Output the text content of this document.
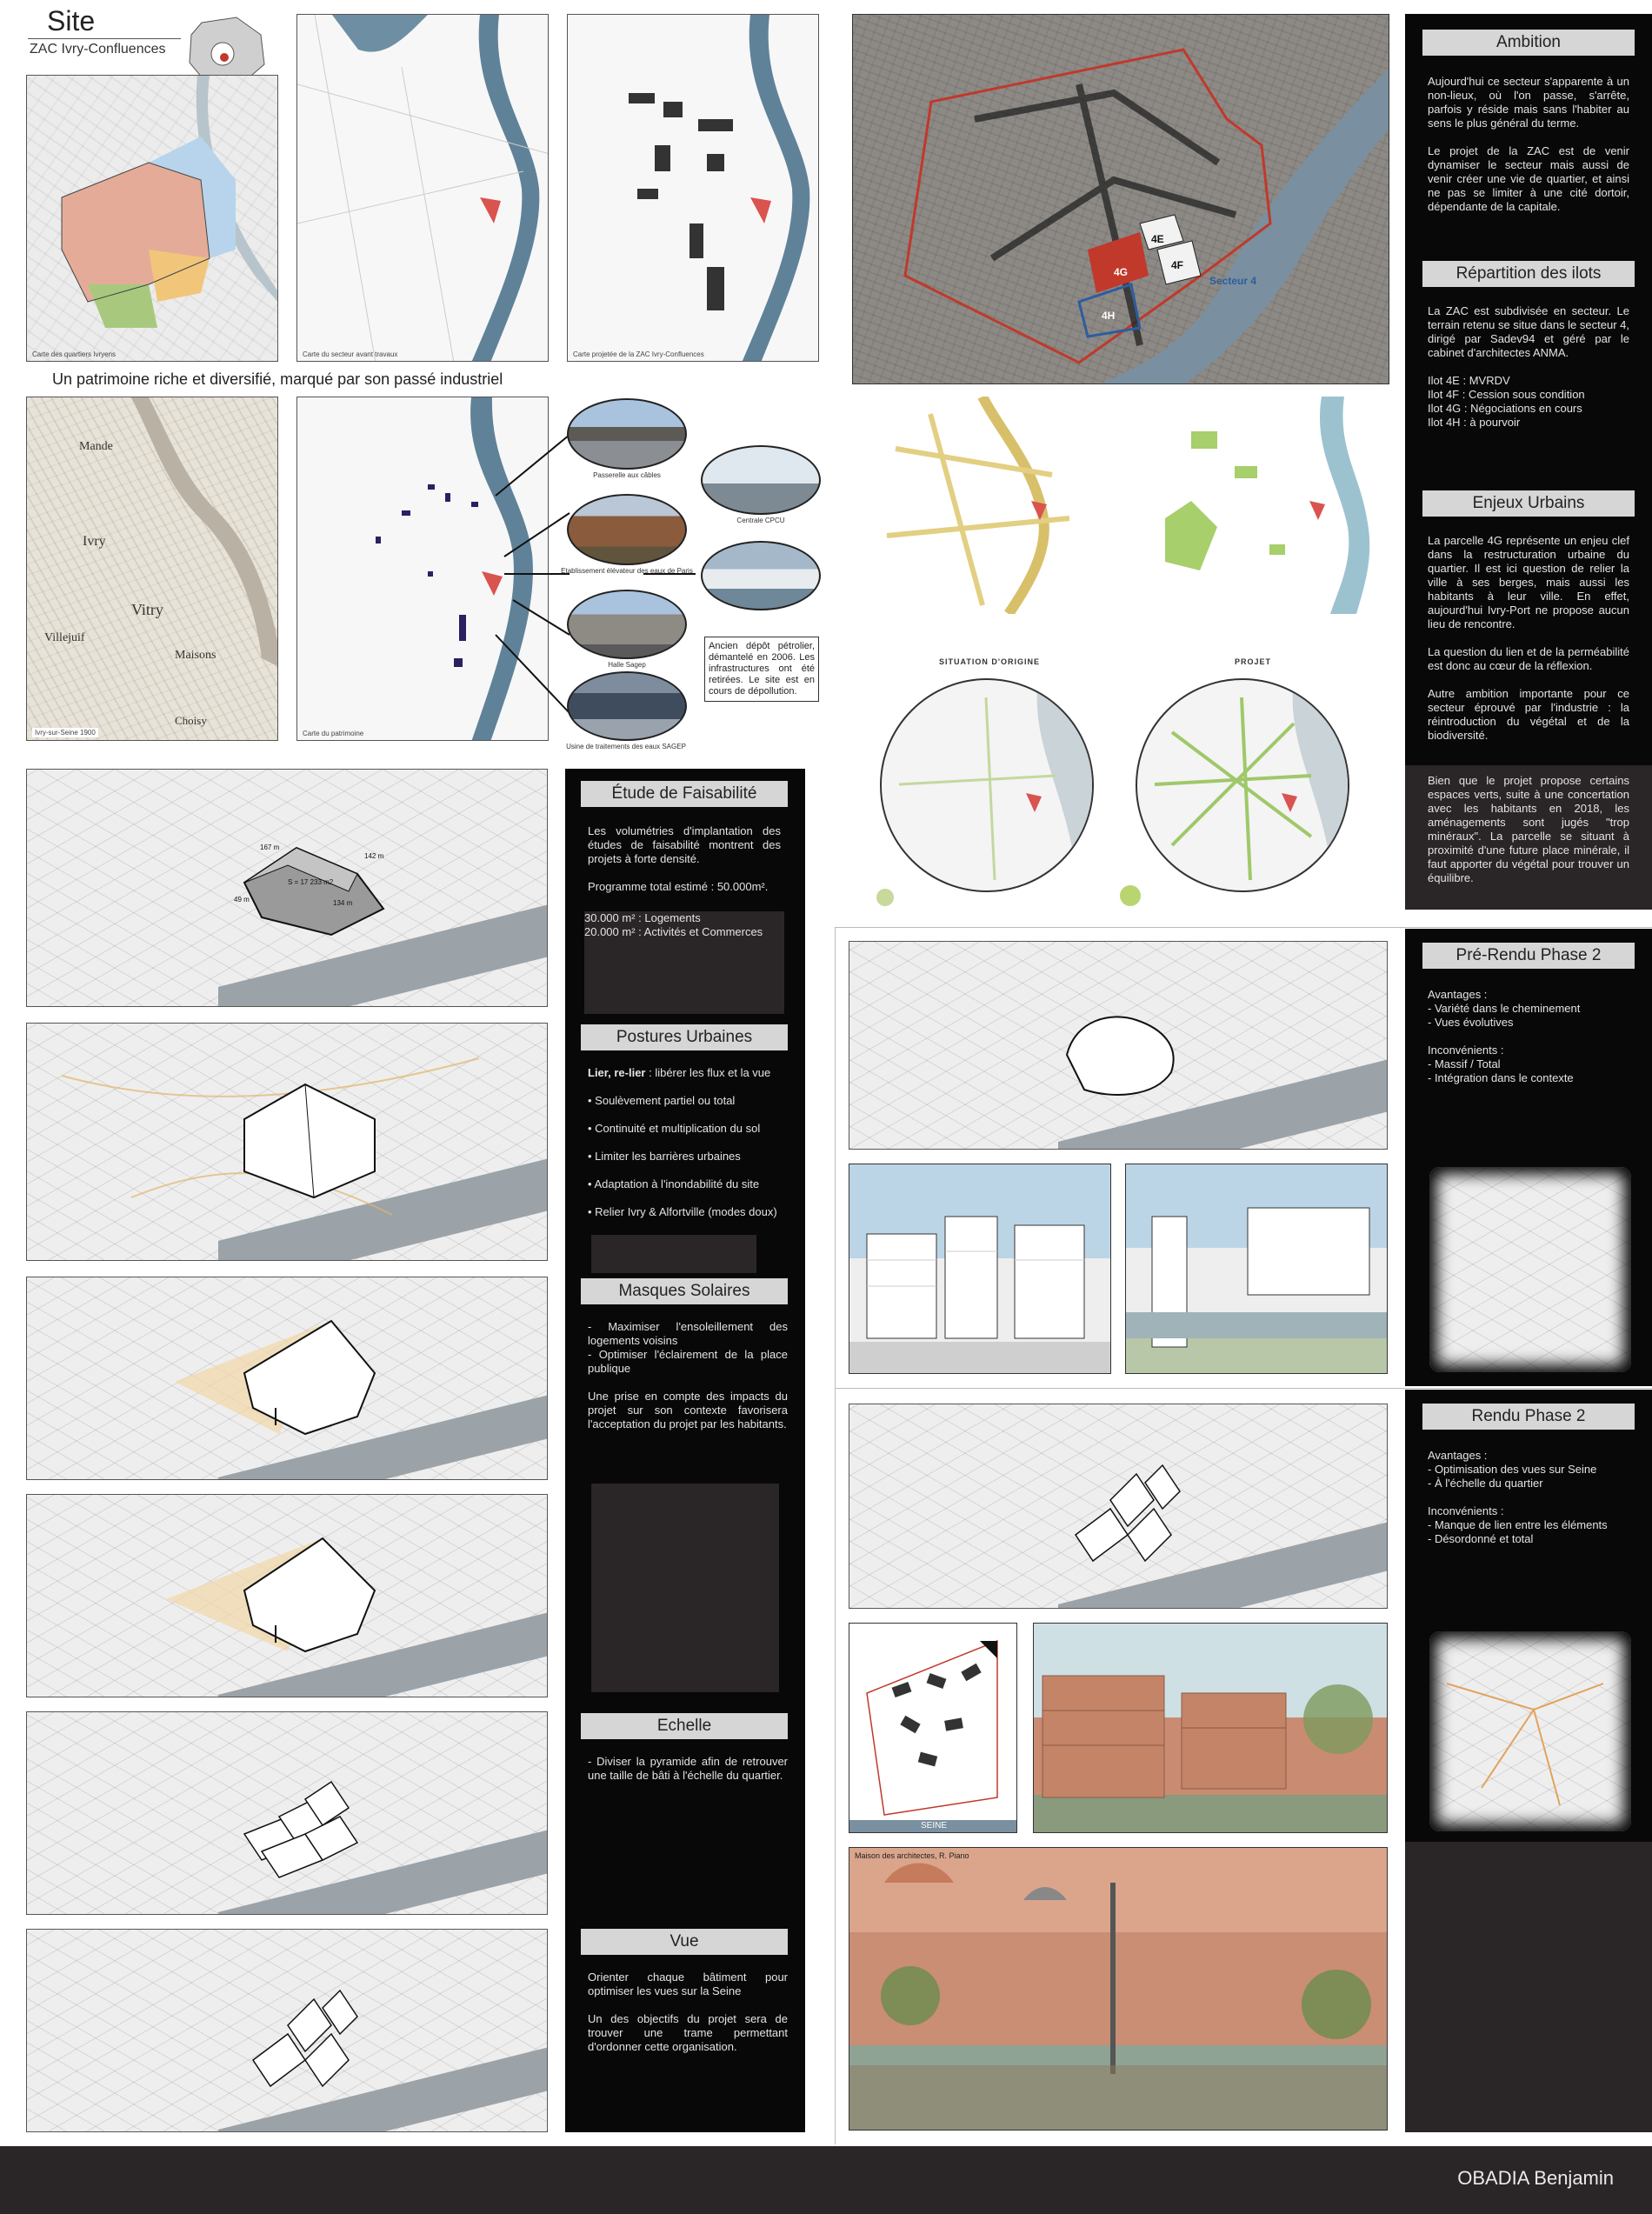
Site
ZAC Ivry-Confluences
Carte des quartiers Ivryens	Carte du secteur avant travaux	Carte projetée de la ZAC Ivry-Confluences
Un patrimoine riche et diversifié, marqué par son passé industriel
Mande
Ivry
Vitry
Villejuif
Maisons
Choisy
Ivry-sur-Seine 1900	Carte du patrimoine
Passerelle aux câbles
Centrale CPCU
Etablissement élévateur des eaux de Paris
Halle Sagep
Usine de traitements des eaux SAGEP
Ancien dépôt pétrolier, démantelé en 2006. Les infrastructures ont été retirées. Le site est en cours de dépollution.
4G
4E
4F
4H
Secteur 4
Ambition

Aujourd'hui ce secteur s'apparente à un non-lieux, où l'on passe, s'arrête, parfois y réside mais sans l'habiter au sens le plus général du terme.

Le projet de la ZAC est de venir dynamiser le secteur mais aussi de venir créer une vie de quartier, et ainsi ne pas se limiter à une cité dortoir, dépendante de la capitale.

Répartition des ilots

La ZAC est subdivisée en secteur. Le terrain retenu se situe dans le secteur 4, dirigé par Sadev94 et géré par le cabinet d'architectes ANMA.

Ilot 4E : MVRDV
Ilot 4F : Cession sous condition
Ilot 4G : Négociations en cours
Ilot 4H : à pourvoir
Enjeux Urbains

La parcelle 4G représente un enjeu clef dans la restructuration urbaine du quartier. Il est ici question de relier la ville à ses berges, mais aussi les habitants à leur ville. En effet, aujourd'hui Ivry-Port ne propose aucun lieu de rencontre.

La question du lien et de la perméabilité est donc au cœur de la réflexion.

Autre ambition importante pour ce secteur éprouvé par l'industrie : la réintroduction du végétal et de la biodiversité.

Bien que le projet propose certains espaces verts, suite à une concertation avec les habitants en 2018, les aménagements sont jugés "trop minéraux". La parcelle se situant à proximité d'une future place minérale, il faut apporter du végétal pour trouver un équilibre.
SITUATION D'ORIGINE	PROJET
167 m
S = 17 233 m2
142 m
134 m
49 m
Étude de Faisabilité

Les volumétries d'implantation des études de faisabilité montrent des projets à forte densité.

Programme total estimé : 50.000m².

30.000 m² : Logements
20.000 m² : Activités et Commerces
Postures Urbaines
Lier, re-lier : libérer les flux et la vue
• Soulèvement partiel ou total
• Continuité et multiplication du sol
• Limiter les barrières urbaines
• Adaptation à l'inondabilité du site
• Relier Ivry & Alfortville (modes doux)
Masques Solaires
- Maximiser l'ensoleillement des logements voisins
- Optimiser l'éclairement de la place publique

Une prise en compte des impacts du projet sur son contexte favorisera l'acceptation du projet par les habitants.

Echelle
- Diviser la pyramide afin de retrouver une taille de bâti à l'échelle du quartier.
Vue

Orienter chaque bâtiment pour optimiser les vues sur la Seine

Un des objectifs du projet sera de trouver une trame permettant d'ordonner cette organisation.

Pré-Rendu Phase 2
Avantages :
- Variété dans le cheminement
- Vues évolutives
Inconvénients :
- Massif / Total
- Intégration dans le contexte
SEINE
Maison des architectes, R. Piano
Rendu Phase 2
Avantages :
- Optimisation des vues sur Seine
- À l'échelle du quartier
Inconvénients :
- Manque de lien entre les éléments
- Désordonné et total
OBADIA Benjamin
